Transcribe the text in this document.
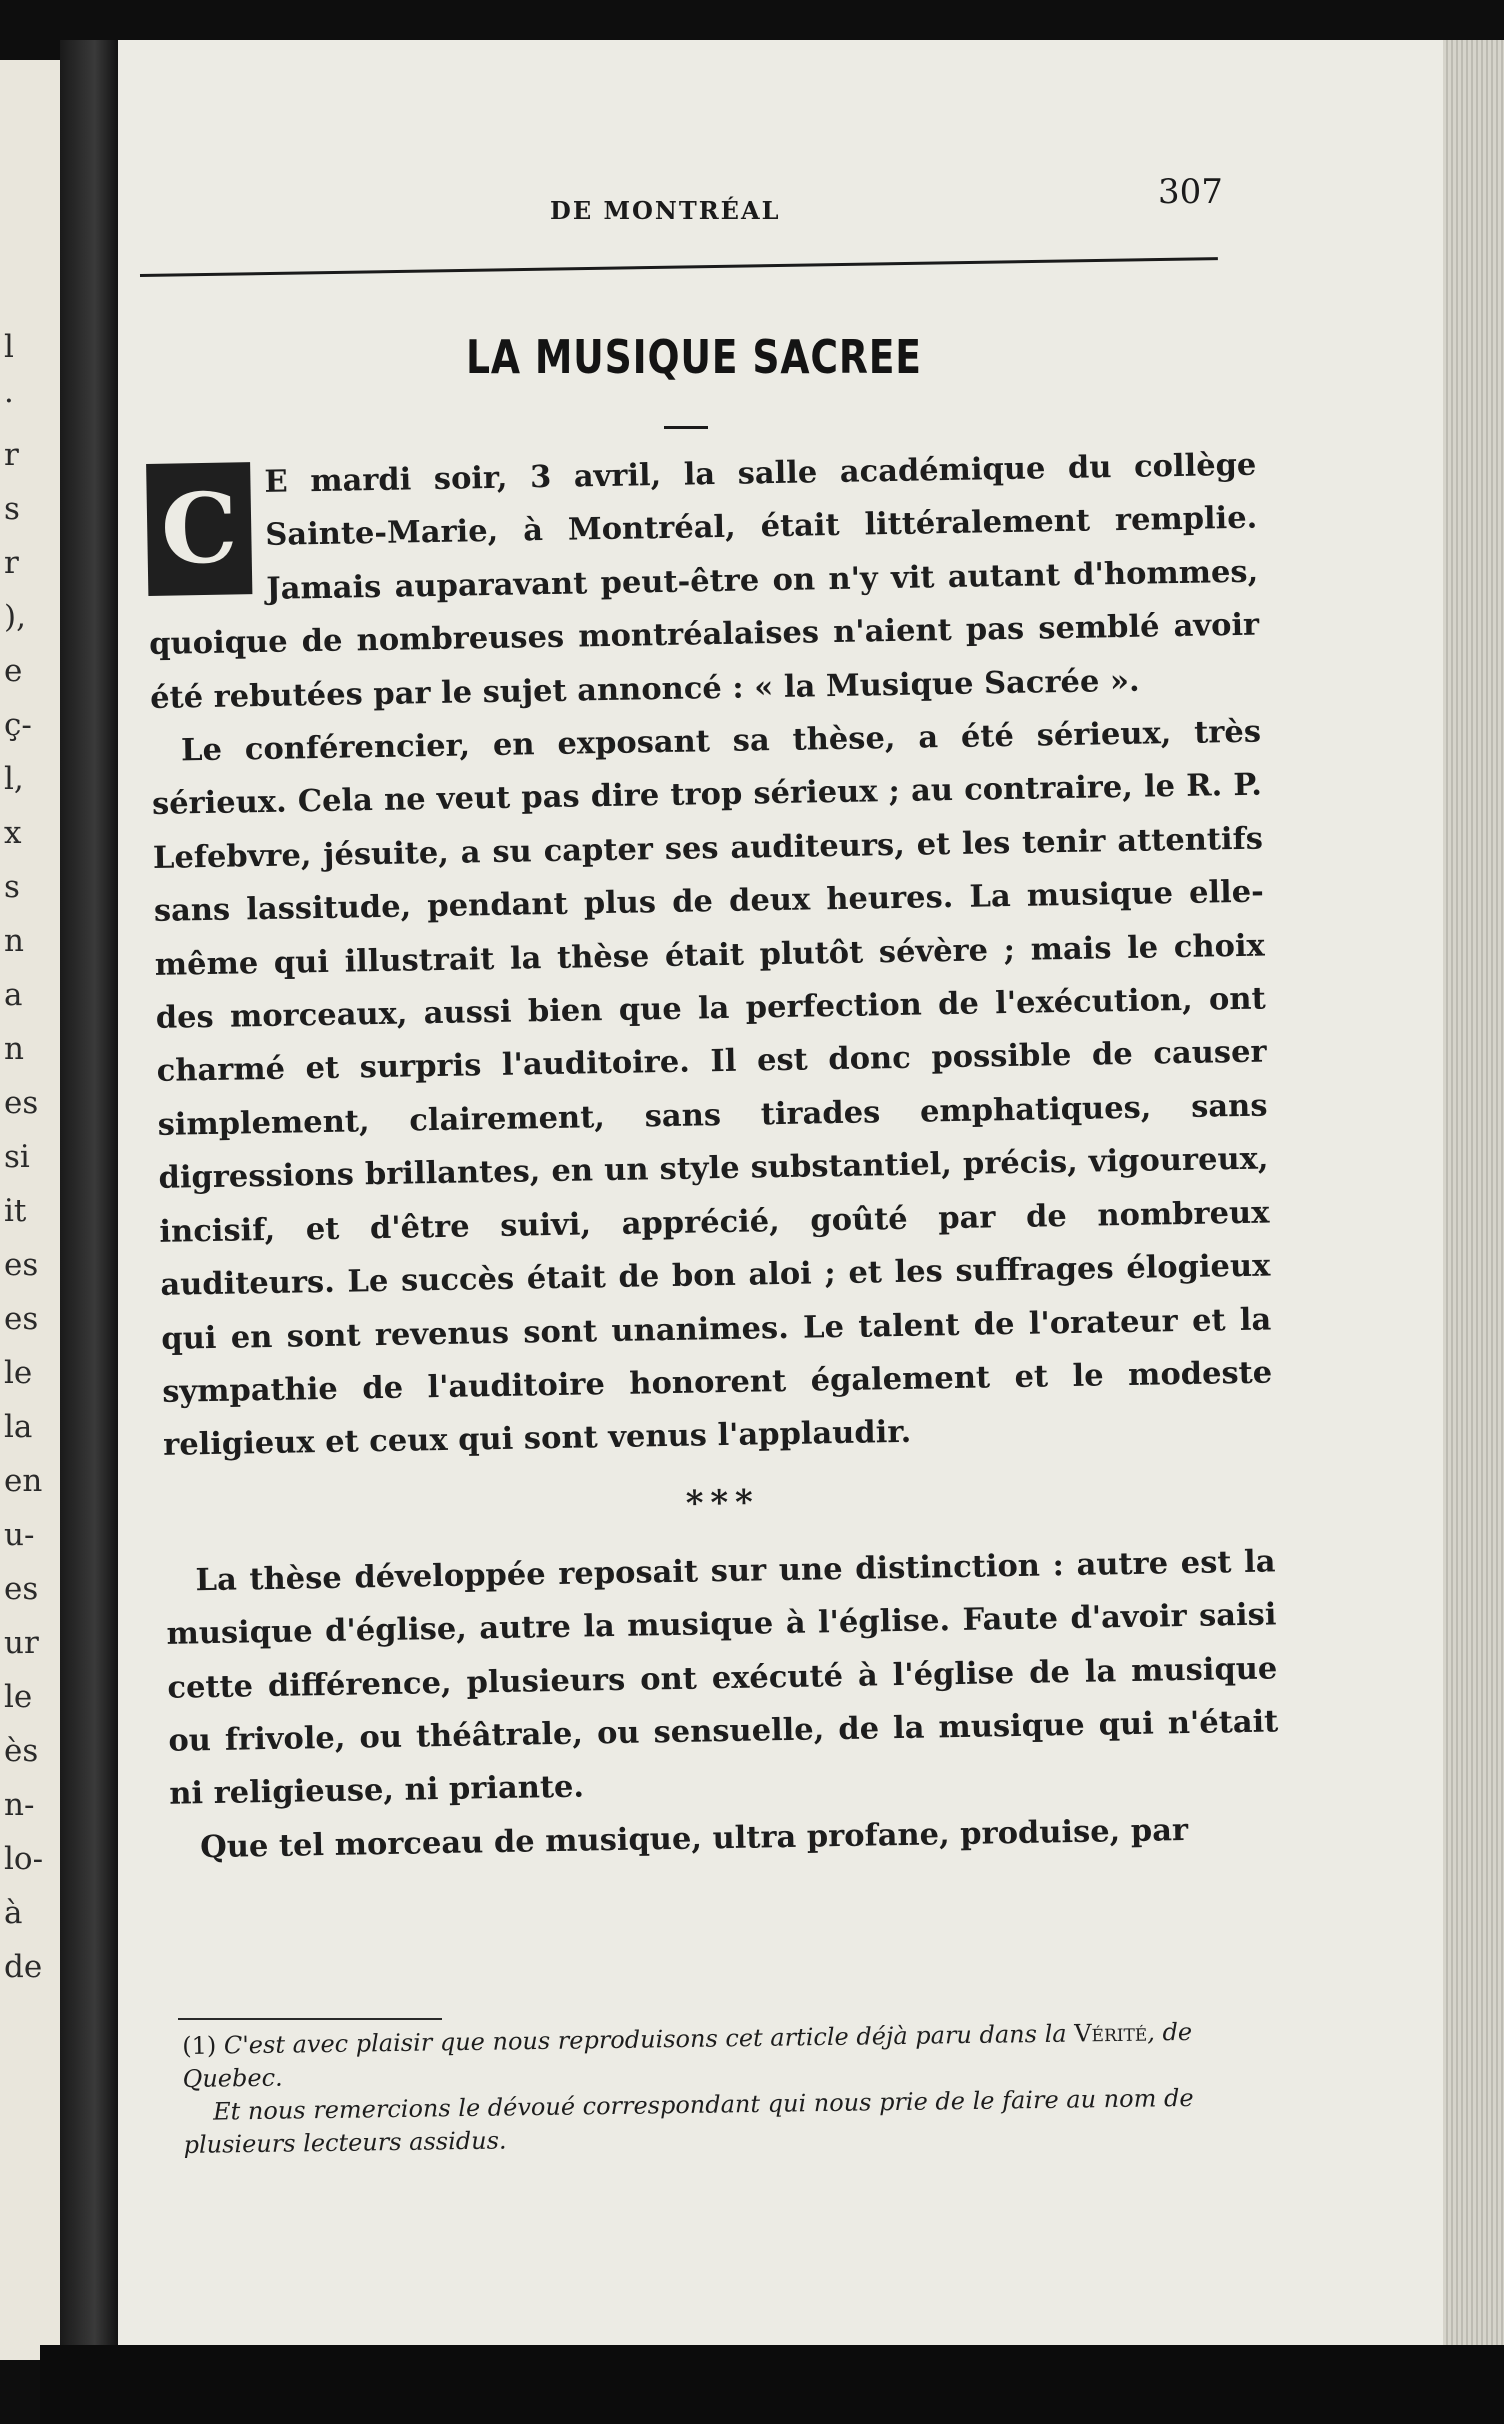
l
·
r
s
r
),
e
ç-
l,
x
s
n
a
n
es
si
it
es
es
le
la
en
u-
es
ur
le
ès
n-
lo-
à
de
DE MONTRÉAL	307
LA MUSIQUE SACREE
C E mardi soir, 3 avril, la salle académique du collège Sainte-Marie, à Montréal, était littéralement remplie. Jamais auparavant peut-être on n'y vit autant d'hommes, quoique de nombreuses montréalaises n'aient pas semblé avoir été rebutées par le sujet annoncé : « la Musique Sacrée ».

Le conférencier, en exposant sa thèse, a été sérieux, très sérieux. Cela ne veut pas dire trop sérieux ; au contraire, le R. P. Lefebvre, jésuite, a su capter ses auditeurs, et les tenir attentifs sans lassitude, pendant plus de deux heures. La musique elle-même qui illustrait la thèse était plutôt sévère ; mais le choix des morceaux, aussi bien que la perfection de l'exécution, ont charmé et surpris l'auditoire. Il est donc possible de causer simplement, clairement, sans tirades emphatiques, sans digressions brillantes, en un style substantiel, précis, vigoureux, incisif, et d'être suivi, apprécié, goûté par de nombreux auditeurs. Le succès était de bon aloi ; et les suffrages élogieux qui en sont revenus sont unanimes. Le talent de l'orateur et la sympathie de l'auditoire honorent également et le modeste religieux et ceux qui sont venus l'applaudir.

* * *

La thèse développée reposait sur une distinction : autre est la musique d'église, autre la musique à l'église. Faute d'avoir saisi cette différence, plusieurs ont exécuté à l'église de la musique ou frivole, ou théâtrale, ou sensuelle, de la musique qui n'était ni religieuse, ni priante.

Que tel morceau de musique, ultra profane, produise, par

(1) C'est avec plaisir que nous reproduisons cet article déjà paru dans la Vérité, de Quebec.

Et nous remercions le dévoué correspondant qui nous prie de le faire au nom de plusieurs lecteurs assidus.
